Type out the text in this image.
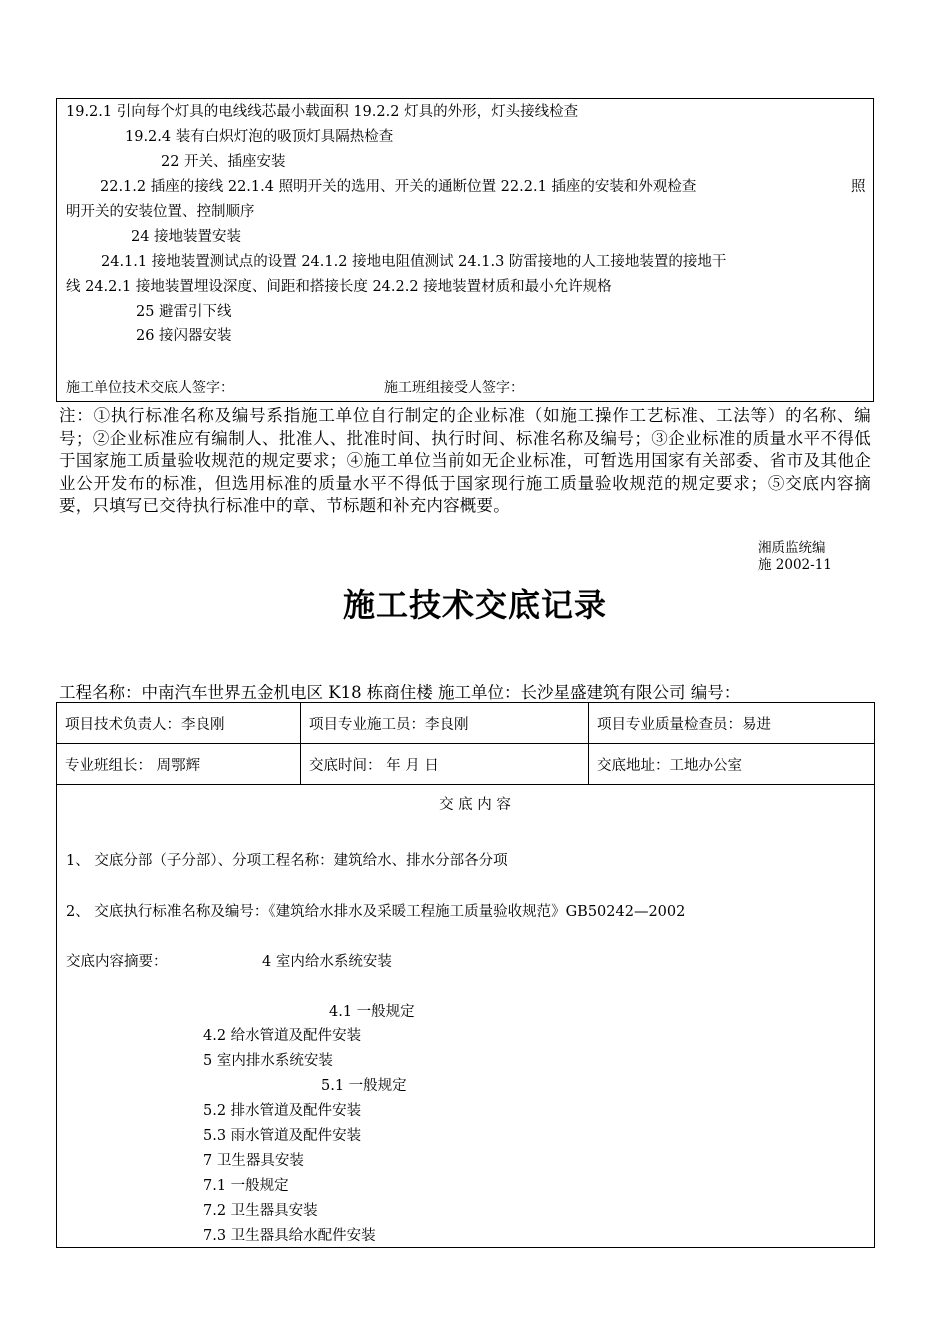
19.2.1 引向每个灯具的电线线芯最小载面积 19.2.2 灯具的外形，灯头接线检查
19.2.4 装有白炽灯泡的吸顶灯具隔热检查
22 开关、插座安装
22.1.2 插座的接线 22.1.4 照明开关的选用、开关的通断位置 22.2.1 插座的安装和外观检查	照
明开关的安装位置、控制顺序
24 接地装置安装
24.1.1 接地装置测试点的设置 24.1.2 接地电阻值测试 24.1.3 防雷接地的人工接地装置的接地干
线 24.2.1 接地装置埋设深度、间距和搭接长度 24.2.2 接地装置材质和最小允许规格
25 避雷引下线
26 接闪器安装
施工单位技术交底人签字：	施工班组接受人签字：
注：①执行标准名称及编号系指施工单位自行制定的企业标准（如施工操作工艺标准、工法等）的名称、编号；②企业标准应有编制人、批准人、批准时间、执行时间、标准名称及编号；③企业标准的质量水平不得低于国家施工质量验收规范的规定要求；④施工单位当前如无企业标准，可暂选用国家有关部委、省市及其他企业公开发布的标准，但选用标准的质量水平不得低于国家现行施工质量验收规范的规定要求；⑤交底内容摘要，只填写已交待执行标准中的章、节标题和补充内容概要。
湘质监统编
施 2002-11
施工技术交底记录
工程名称：中南汽车世界五金机电区 K18 栋商住楼 施工单位：长沙星盛建筑有限公司 编号：
项目技术负责人：李良刚	项目专业施工员：李良刚	项目专业质量检查员：易进
专业班组长： 周鄂辉	交底时间： 年 月 日	交底地址：工地办公室
交 底 内 容
1、 交底分部（子分部）、分项工程名称：建筑给水、排水分部各分项
2、 交底执行标准名称及编号：《建筑给水排水及采暖工程施工质量验收规范》GB50242—2002
交底内容摘要：	4 室内给水系统安装
4.1 一般规定
4.2 给水管道及配件安装
5 室内排水系统安装
5.1 一般规定
5.2 排水管道及配件安装
5.3 雨水管道及配件安装
7 卫生器具安装
7.1 一般规定
7.2 卫生器具安装
7.3 卫生器具给水配件安装
